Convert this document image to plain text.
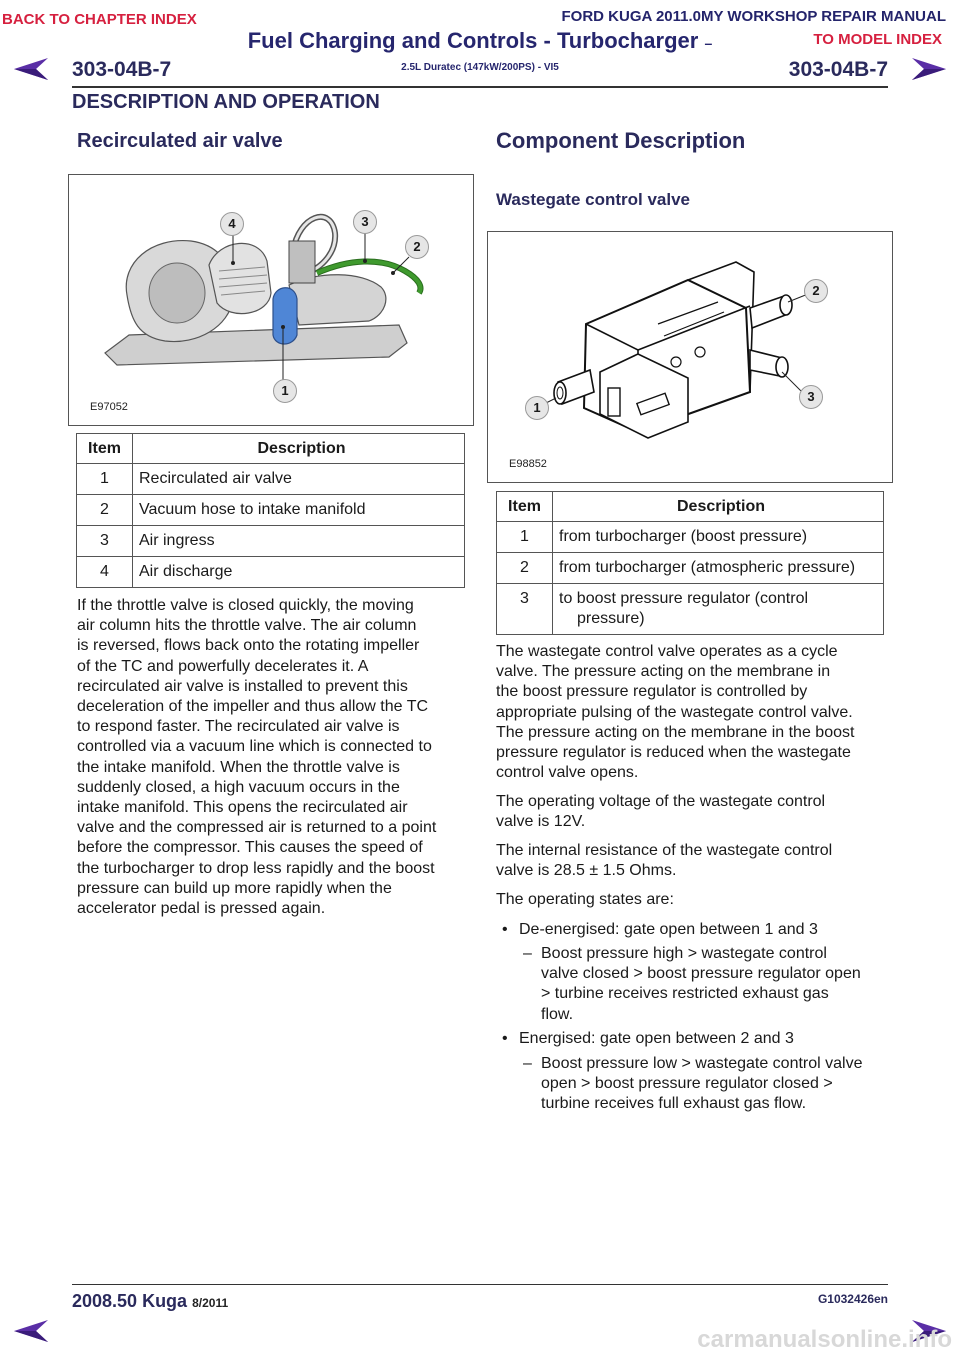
BACK TO CHAPTER INDEX	FORD KUGA 2011.0MY WORKSHOP REPAIR MANUAL
TO MODEL INDEX
Fuel Charging and Controls - Turbocharger –
2.5L Duratec (147kW/200PS) - VI5
303-04B-7	303-04B-7
DESCRIPTION AND OPERATION
Recirculated air valve
4	3
2
1
E97052
Item	Description
1	Recirculated air valve
2	Vacuum hose to intake manifold
3	Air ingress
4	Air discharge
If the throttle valve is closed quickly, the moving
air column hits the throttle valve. The air column
is reversed, flows back onto the rotating impeller
of the TC and powerfully decelerates it. A
recirculated air valve is installed to prevent this
deceleration of the impeller and thus allow the TC
to respond faster. The recirculated air valve is
controlled via a vacuum line which is connected to
the intake manifold. When the throttle valve is
suddenly closed, a high vacuum occurs in the
intake manifold. This opens the recirculated air
valve and the compressed air is returned to a point
before the compressor. This causes the speed of
the turbocharger to drop less rapidly and the boost
pressure can build up more rapidly when the
accelerator pedal is pressed again.
Component Description
Wastegate control valve
2
3
1
E98852
Item	Description
1	from turbocharger (boost pressure)

2	from turbocharger (atmospheric pressure)

3	to boost pressure regulator (control
pressure)
The wastegate control valve operates as a cycle
valve. The pressure acting on the membrane in
the boost pressure regulator is controlled by
appropriate pulsing of the wastegate control valve.
The pressure acting on the membrane in the boost
pressure regulator is reduced when the wastegate
control valve opens.
The operating voltage of the wastegate control
valve is 12V.
The internal resistance of the wastegate control
valve is 28.5 ± 1.5 Ohms.
The operating states are:
• De-energised: gate open between 1 and 3
– Boost pressure high > wastegate control
valve closed > boost pressure regulator open
> turbine receives restricted exhaust gas
flow.
• Energised: gate open between 2 and 3
– Boost pressure low > wastegate control valve
open > boost pressure regulator closed >
turbine receives full exhaust gas flow.
2008.50 Kuga 8/2011	G1032426en
carmanualsonline.info
